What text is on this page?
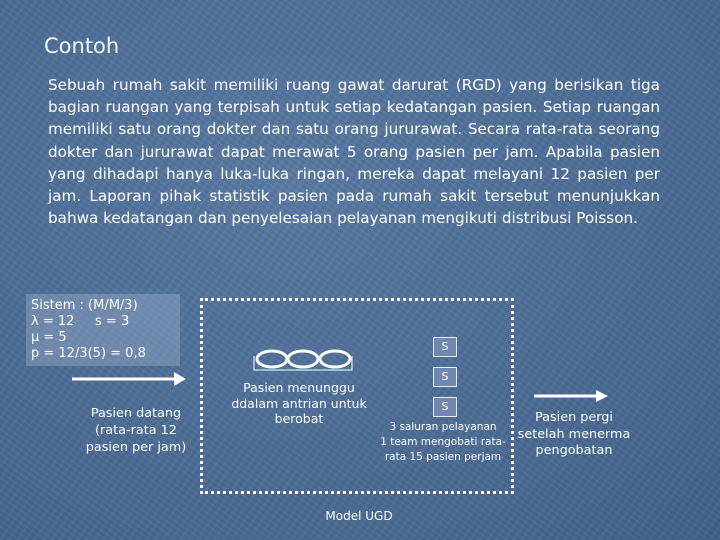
Contoh
Sebuah rumah sakit memiliki ruang gawat darurat (RGD) yang berisikan tiga bagian ruangan yang terpisah untuk setiap kedatangan pasien. Setiap ruangan memiliki satu orang dokter dan satu orang jururawat. Secara rata-rata seorang dokter dan jururawat dapat merawat 5 orang pasien per jam. Apabila pasien yang dihadapi hanya luka-luka ringan, mereka dapat melayani 12 pasien per jam. Laporan pihak statistik pasien pada rumah sakit tersebut menunjukkan bahwa kedatangan dan penyelesaian pelayanan mengikuti distribusi Poisson.
Sistem : (M/M/3)
λ = 12     s = 3
μ = 5
p = 12/3(5) = 0,8
Pasien datang
(rata-rata 12
pasien per jam)
Pasien menunggu
ddalam antrian untuk
berobat
S
S
S
3 saluran pelayanan
1 team mengobati rata-
rata 15 pasien perjam
Pasien pergi
setelah menerma
pengobatan
Model UGD
